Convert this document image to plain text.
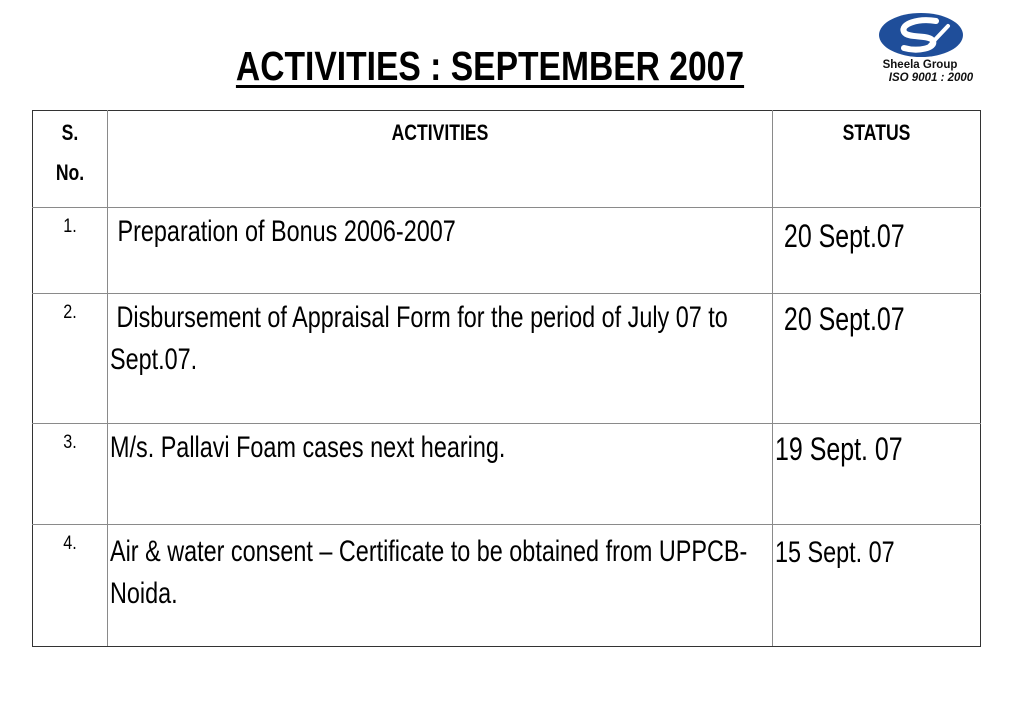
ACTIVITIES : SEPTEMBER 2007	Sheela Group
ISO 9001 : 2000
S.
No.	ACTIVITIES	STATUS

1.	Preparation of Bonus 2006-2007	20 Sept.07

2.	Disbursement of Appraisal Form for the period of July 07 to Sept.07.	20 Sept.07

3.	M/s. Pallavi Foam cases next hearing.	19 Sept. 07

4.	Air & water consent – Certificate to be obtained from UPPCB-Noida.	15 Sept. 07
